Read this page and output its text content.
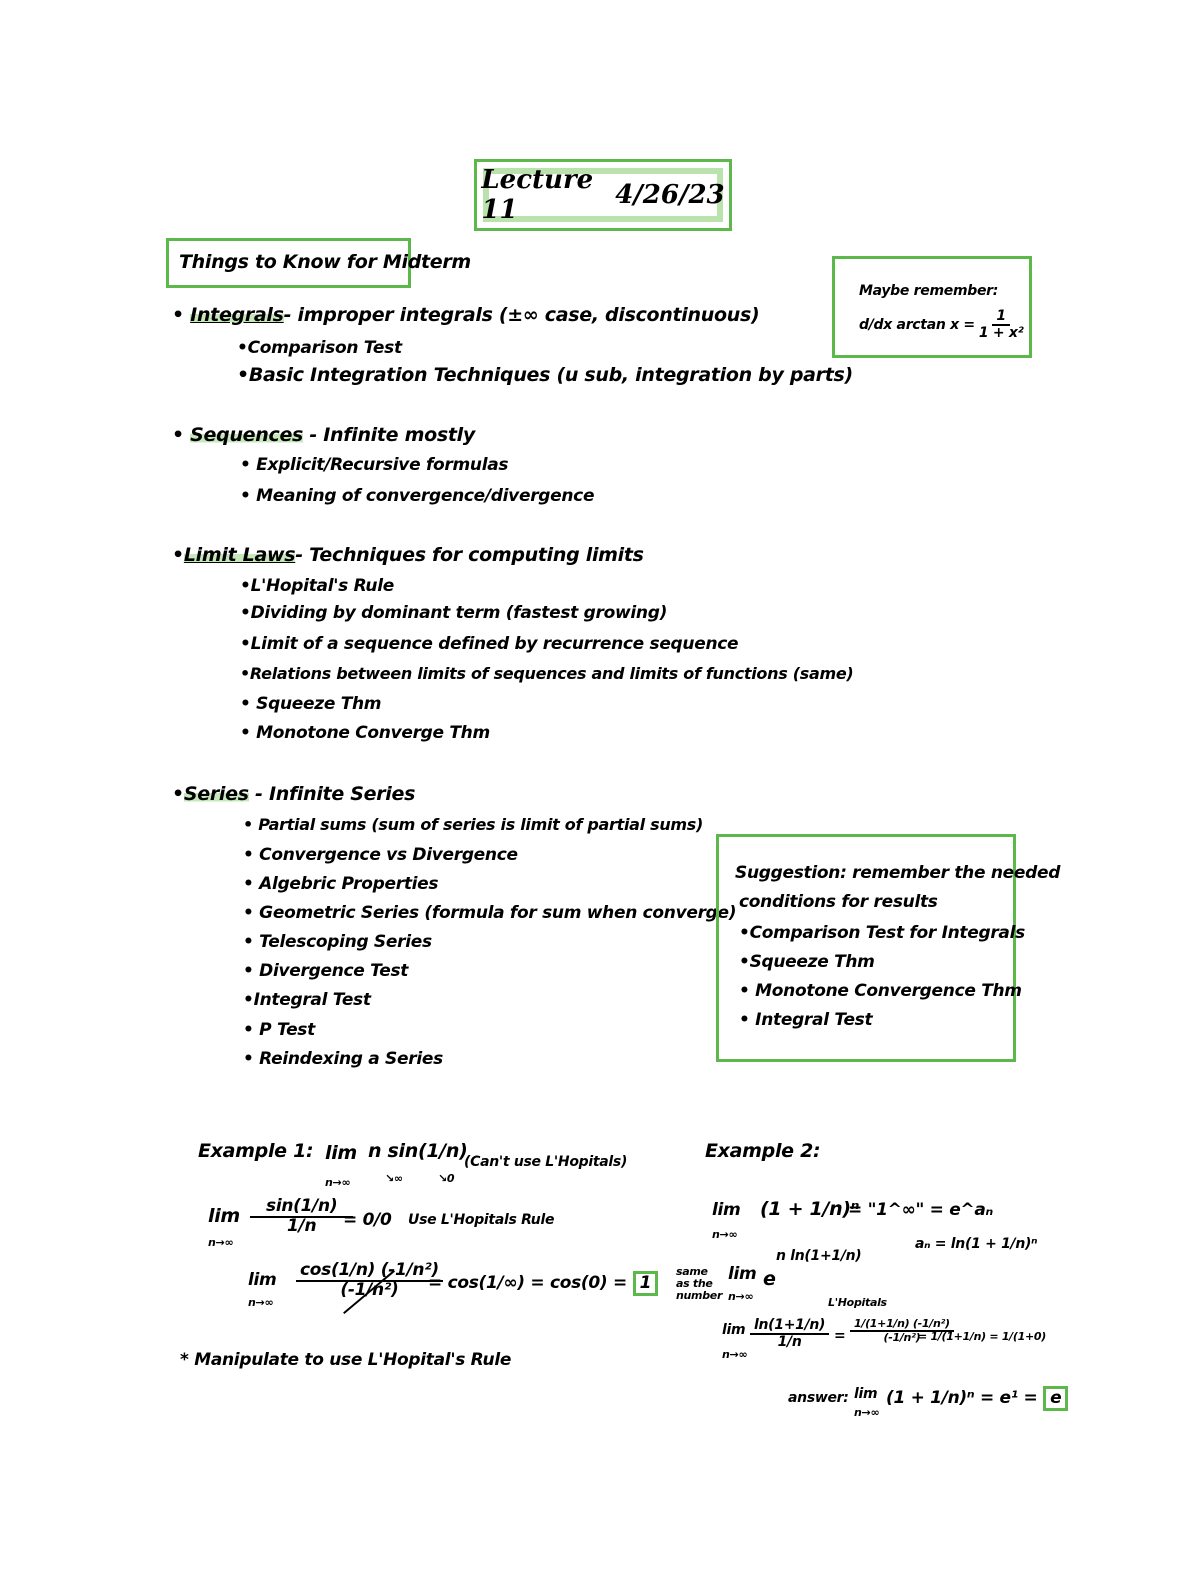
Lecture 11	4/26/23
Things to Know for Midterm
Maybe remember:
d/dx $\arctan x = \frac{1}{\text{1 + x²}}$
• Integrals- improper integrals (±∞ case, discontinuous)
•Comparison Test
•Basic Integration Techniques (u sub, integration by parts)
• Sequences - Infinite mostly
• Explicit/Recursive formulas
• Meaning of convergence/divergence
•Limit Laws- Techniques for computing limits
•L'Hopital's Rule
•Dividing by dominant term (fastest growing)
•Limit of a sequence defined by recurrence sequence
•Relations between limits of sequences and limits of functions (same)
• Squeeze Thm
• Monotone Converge Thm
•Series - Infinite Series
• Partial sums (sum of series is limit of partial sums)
• Convergence vs Divergence
• Algebric Properties
• Geometric Series (formula for sum when converge)
• Telescoping Series
• Divergence Test
•Integral Test
• P Test
• Reindexing a Series
Suggestion: remember the needed
conditions for results
•Comparison Test for Integrals
•Squeeze Thm
• Monotone Convergence Thm
• Integral Test
Example 1: lim
n→∞
n sin(1/n)
↘∞	↘0
(Can't use L'Hopitals)
lim
n→∞
$\frac{\sin(1/n)}{1/n}$
= 0/0 Use L'Hopitals Rule
lim
n→∞
$\frac{\text{cos(1/n) (-1/n²)}}{\text{(-1/n²)}}$
= cos(1/∞) = cos(0) = 1
* Manipulate to use L'Hopital's Rule
Example 2:
lim
n→∞
(1 + 1/n)ⁿ
= "1^∞" = e^aₙ
aₙ = ln(1 + 1/n)ⁿ
same as the number
lim
n→∞
e
n ln(1+1/n)
L'Hopitals
lim
n→∞
$\frac{\ln(1+1/n)}{1/n} = \frac{\text{1/(1+1/n) (-1/n²)}}{\text{(-1/n²)}}$
= 1/(1+1/n) = 1/(1+0)
answer: lim
n→∞
(1 + 1/n)ⁿ = e¹ = e
